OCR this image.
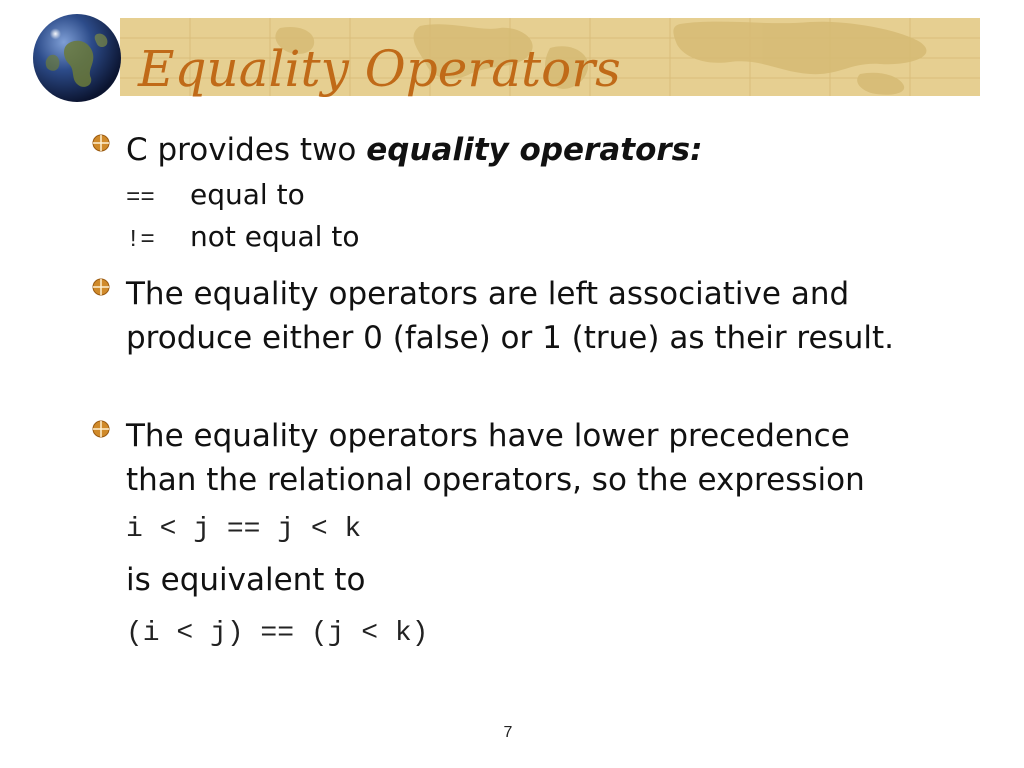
Equality Operators
C provides two equality operators:
== equal to
!= not equal to
The equality operators are left associative and produce either 0 (false) or 1 (true) as their result.
The equality operators have lower precedence than the relational operators, so the expression
i < j == j < k
is equivalent to
(i < j) == (j < k)
7
